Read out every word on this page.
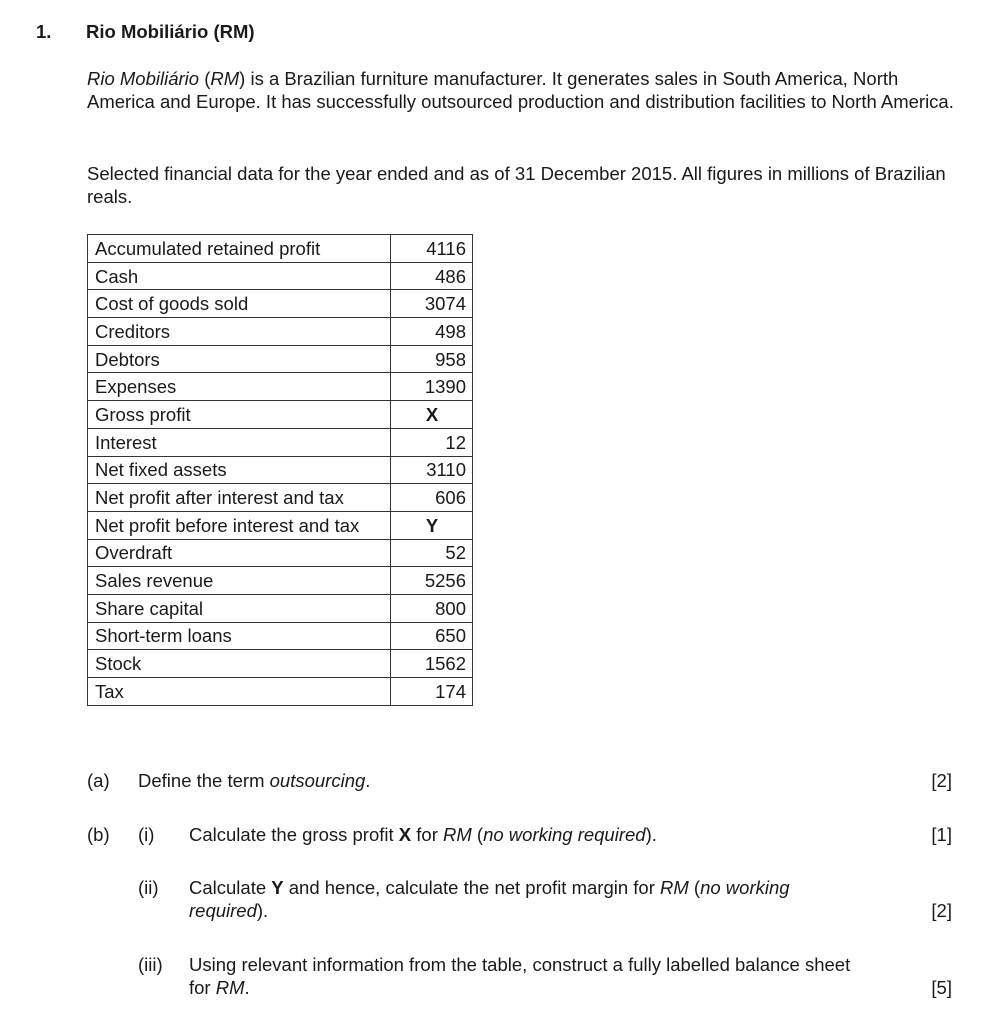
1. Rio Mobiliário (RM)

Rio Mobiliário (RM) is a Brazilian furniture manufacturer. It generates sales in South America, North America and Europe. It has successfully outsourced production and distribution facilities to North America.

Selected financial data for the year ended and as of 31 December 2015. All figures in millions of Brazilian reals.

Accumulated retained profit	4116
Cash	486
Cost of goods sold	3074
Creditors	498
Debtors	958
Expenses	1390
Gross profit	X
Interest	12
Net fixed assets	3110
Net profit after interest and tax	606
Net profit before interest and tax	Y
Overdraft	52
Sales revenue	5256
Share capital	800
Short-term loans	650
Stock	1562
Tax	174
(a) Define the term outsourcing.	[2]
(b) (i) Calculate the gross profit X for RM (no working required).	[1]
(ii) Calculate Y and hence, calculate the net profit margin for RM (no working
required).	[2]
(iii) Using relevant information from the table, construct a fully labelled balance sheet
for RM.	[5]
